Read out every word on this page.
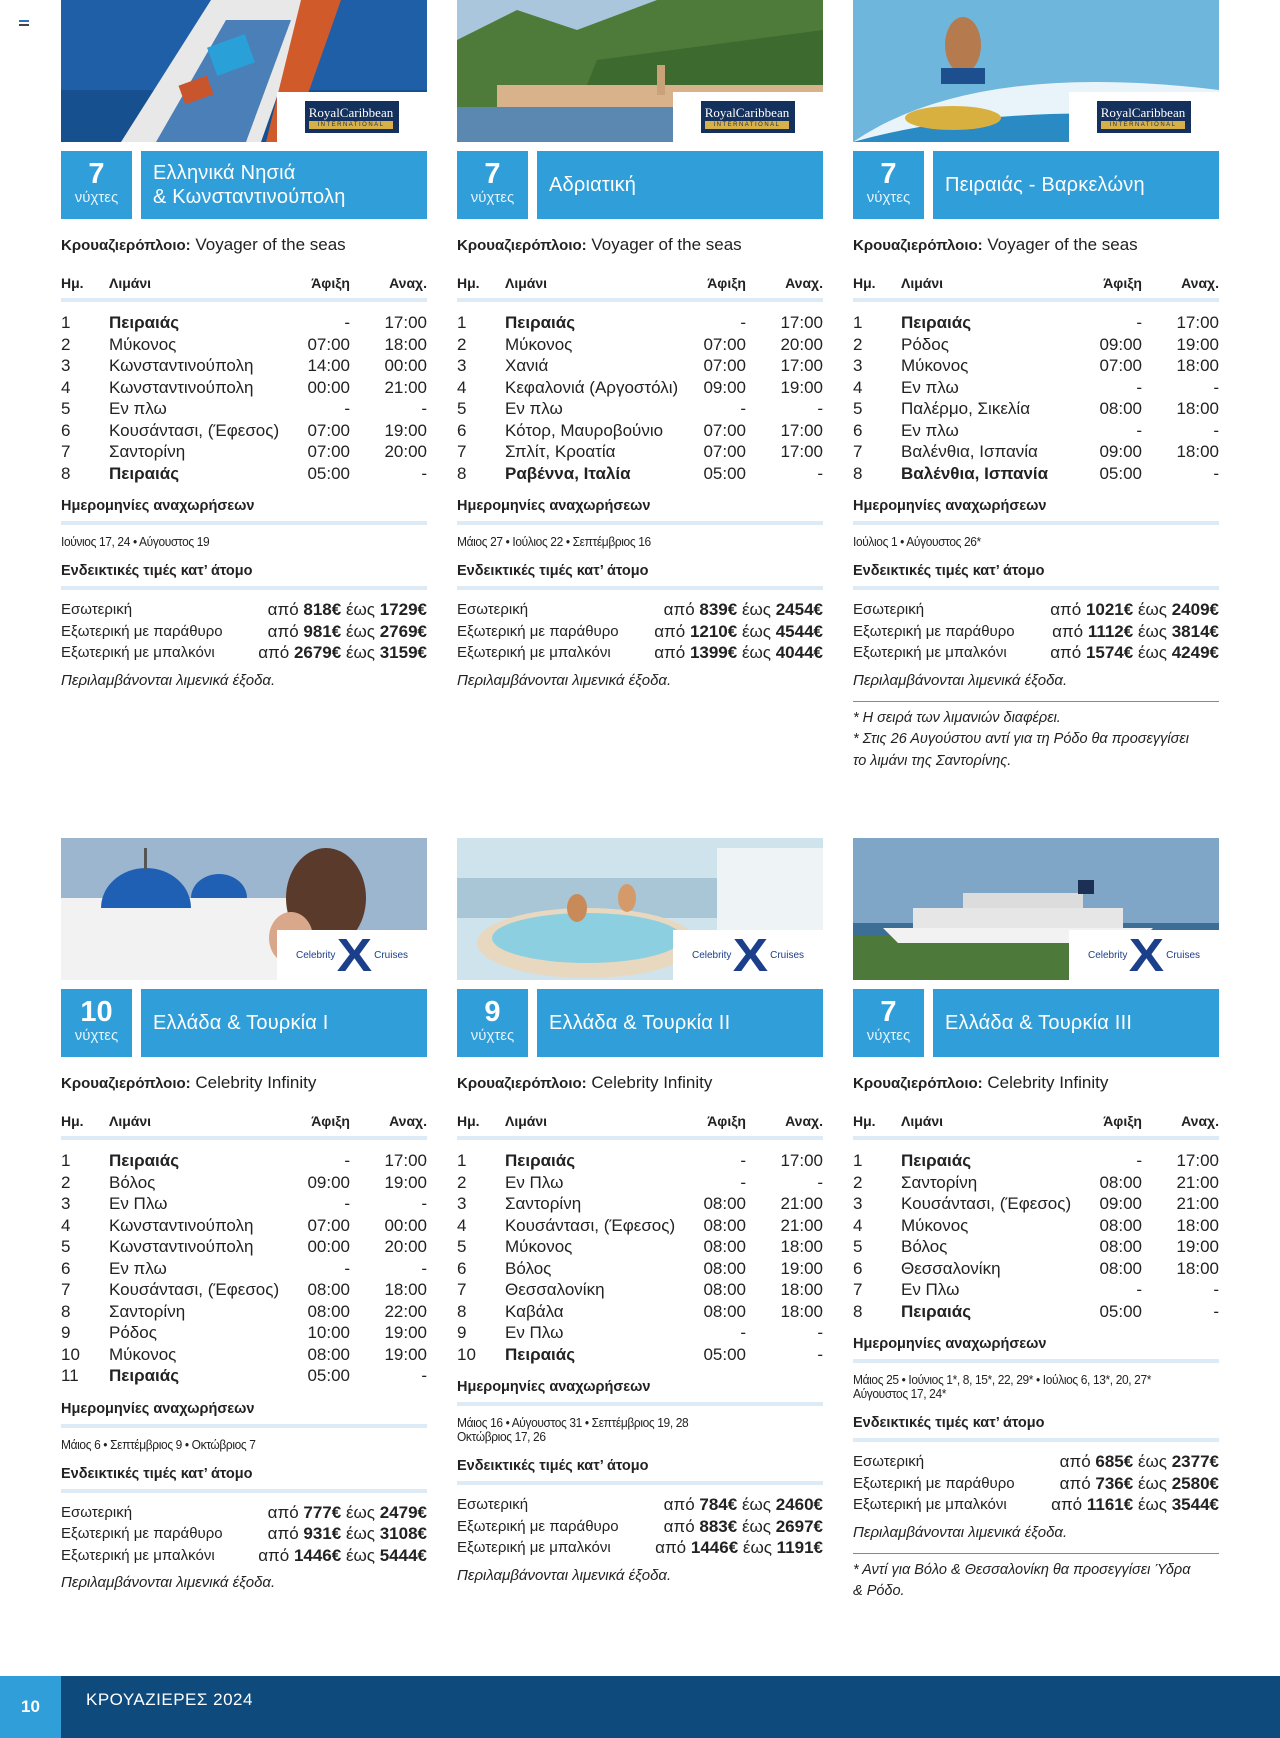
RoyalCaribbean
INTERNATIONAL
7
νύχτες
Ελληνικά Νησιά
& Κωνσταντινούπολη
Κρουαζιερόπλοιο: Voyager of the seas
Ημ.	Λιμάνι	Άφιξη	Αναχ.
1	Πειραιάς	-	17:00
2	Μύκονος	07:00	18:00
3	Κωνσταντινούπολη	14:00	00:00
4	Κωνσταντινούπολη	00:00	21:00
5	Εν πλω	-	-
6	Κουσάντασι, (Έφεσος)	07:00	19:00
7	Σαντορίνη	07:00	20:00
8	Πειραιάς	05:00	-
Ημερομηνίες αναχωρήσεων
Ιούνιος 17, 24 • Αύγουστος 19
Ενδεικτικές τιμές κατ’ άτομο
Εσωτερική	από 818€ έως 1729€
Εξωτερική με παράθυρο	από 981€ έως 2769€
Εξωτερική με μπαλκόνι	από 2679€ έως 3159€
Περιλαμβάνονται λιμενικά έξοδα.
RoyalCaribbean
INTERNATIONAL
7
νύχτες
Αδριατική
Κρουαζιερόπλοιο: Voyager of the seas
Ημ.	Λιμάνι	Άφιξη	Αναχ.
1	Πειραιάς	-	17:00
2	Μύκονος	07:00	20:00
3	Χανιά	07:00	17:00
4	Κεφαλονιά (Αργοστόλι)	09:00	19:00
5	Εν πλω	-	-
6	Κότορ, Μαυροβούνιο	07:00	17:00
7	Σπλίτ, Κροατία	07:00	17:00
8	Ραβέννα, Ιταλία	05:00	-
Ημερομηνίες αναχωρήσεων
Μάιος 27 • Ιούλιος 22 • Σεπτέμβριος 16
Ενδεικτικές τιμές κατ’ άτομο
Εσωτερική	από 839€ έως 2454€
Εξωτερική με παράθυρο από 1210€ έως 4544€
Εξωτερική με μπαλκόνι	από 1399€ έως 4044€
Περιλαμβάνονται λιμενικά έξοδα.
RoyalCaribbean
INTERNATIONAL
7
νύχτες
Πειραιάς - Βαρκελώνη
Κρουαζιερόπλοιο: Voyager of the seas
Ημ.	Λιμάνι	Άφιξη	Αναχ.
1	Πειραιάς	-	17:00
2	Ρόδος	09:00	19:00
3	Μύκονος	07:00	18:00
4	Εν πλω	-	-
5	Παλέρμο, Σικελία	08:00	18:00
6	Εν πλω	-	-
7	Βαλένθια, Ισπανία	09:00	18:00
8	Βαλένθια, Ισπανία	05:00	-
Ημερομηνίες αναχωρήσεων
Ιούλιος 1 • Αύγουστος 26*
Ενδεικτικές τιμές κατ’ άτομο
Εσωτερική	από 1021€ έως 2409€
Εξωτερική με παράθυρο από 1112€ έως 3814€
Εξωτερική με μπαλκόνι	από 1574€ έως 4249€
Περιλαμβάνονται λιμενικά έξοδα.
* Η σειρά των λιμανιών διαφέρει.
* Στις 26 Αυγούστου αντί για τη Ρόδο θα προσεγγίσει
το λιμάνι της Σαντορίνης.
Celebrity X Cruises
10
νύχτες
Ελλάδα & Τουρκία I
Κρουαζιερόπλοιο: Celebrity Infinity
Ημ.	Λιμάνι	Άφιξη	Αναχ.
1	Πειραιάς	-	17:00
2	Βόλος	09:00	19:00
3	Εν Πλω	-	-
4	Κωνσταντινούπολη	07:00	00:00
5	Κωνσταντινούπολη	00:00	20:00
6	Εν πλω	-	-
7	Κουσάντασι, (Έφεσος)	08:00	18:00
8	Σαντορίνη	08:00	22:00
9	Ρόδος	10:00	19:00
10	Μύκονος	08:00	19:00
11	Πειραιάς	05:00	-
Ημερομηνίες αναχωρήσεων
Μάιος 6 • Σεπτέμβριος 9 • Οκτώβριος 7
Ενδεικτικές τιμές κατ’ άτομο
Εσωτερική	από 777€ έως 2479€
Εξωτερική με παράθυρο	από 931€ έως 3108€
Εξωτερική με μπαλκόνι	από 1446€ έως 5444€
Περιλαμβάνονται λιμενικά έξοδα.
Celebrity X Cruises
9
νύχτες
Ελλάδα & Τουρκία II
Κρουαζιερόπλοιο: Celebrity Infinity
Ημ.	Λιμάνι	Άφιξη	Αναχ.
1	Πειραιάς	-	17:00
2	Εν Πλω	-	-
3	Σαντορίνη	08:00	21:00
4	Κουσάντασι, (Έφεσος)	08:00	21:00
5	Μύκονος	08:00	18:00
6	Βόλος	08:00	19:00
7	Θεσσαλονίκη	08:00	18:00
8	Καβάλα	08:00	18:00
9	Εν Πλω	-	-
10	Πειραιάς	05:00	-
Ημερομηνίες αναχωρήσεων
Μάιος 16 • Αύγουστος 31 • Σεπτέμβριος 19, 28
Οκτώβριος 17, 26
Ενδεικτικές τιμές κατ’ άτομο
Εσωτερική	από 784€ έως 2460€
Εξωτερική με παράθυρο	από 883€ έως 2697€
Εξωτερική με μπαλκόνι	από 1446€ έως 1191€
Περιλαμβάνονται λιμενικά έξοδα.
Celebrity X Cruises
7
νύχτες
Ελλάδα & Τουρκία III
Κρουαζιερόπλοιο: Celebrity Infinity
Ημ.	Λιμάνι	Άφιξη	Αναχ.
1	Πειραιάς	-	17:00
2	Σαντορίνη	08:00	21:00
3	Κουσάντασι, (Έφεσος)	09:00	21:00
4	Μύκονος	08:00	18:00
5	Βόλος	08:00	19:00
6	Θεσσαλονίκη	08:00	18:00
7	Εν Πλω	-	-
8	Πειραιάς	05:00	-
Ημερομηνίες αναχωρήσεων
Μάιος 25 • Ιούνιος 1*, 8, 15*, 22, 29* • Ιούλιος 6, 13*, 20, 27*
Αύγουστος 17, 24*
Ενδεικτικές τιμές κατ’ άτομο
Εσωτερική	από 685€ έως 2377€
Εξωτερική με παράθυρο	από 736€ έως 2580€
Εξωτερική με μπαλκόνι	από 1161€ έως 3544€
Περιλαμβάνονται λιμενικά έξοδα.
* Αντί για Βόλο & Θεσσαλονίκη θα προσεγγίσει Ύδρα
& Ρόδο.
10	ΚΡΟΥΑΖΙΕΡΕΣ 2024
